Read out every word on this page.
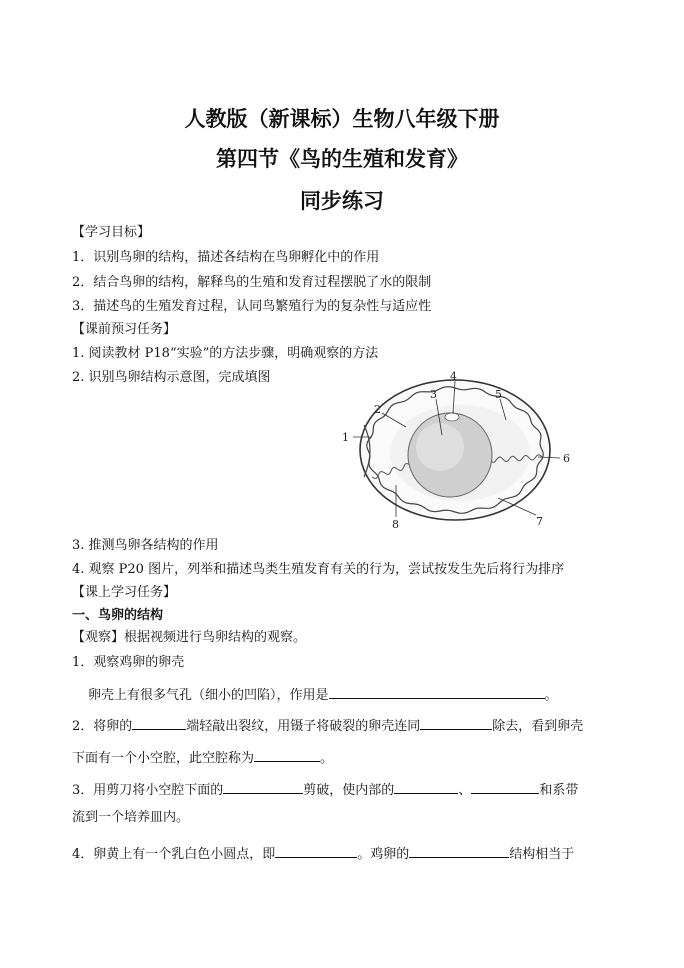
人教版（新课标）生物八年级下册
第四节《鸟的生殖和发育》
同步练习
【学习目标】
1．识别鸟卵的结构，描述各结构在鸟卵孵化中的作用
2．结合鸟卵的结构，解释鸟的生殖和发育过程摆脱了水的限制
3．描述鸟的生殖发育过程，认同鸟繁殖行为的复杂性与适应性
【课前预习任务】
1. 阅读教材 P18“实验”的方法步骤，明确观察的方法
2. 识别鸟卵结构示意图，完成填图
1
2
3
4
5
6
7
8
3. 推测鸟卵各结构的作用
4. 观察 P20 图片，列举和描述鸟类生殖发育有关的行为，尝试按发生先后将行为排序
【课上学习任务】
一、鸟卵的结构
【观察】根据视频进行鸟卵结构的观察。
1．观察鸡卵的卵壳
卵壳上有很多气孔（细小的凹陷），作用是	。
2．将卵的	端轻敲出裂纹，用镊子将破裂的卵壳连同	除去，看到卵壳
下面有一个小空腔，此空腔称为	。
3．用剪刀将小空腔下面的	剪破，使内部的	、	和系带
流到一个培养皿内。
4．卵黄上有一个乳白色小圆点，即	。鸡卵的	结构相当于
